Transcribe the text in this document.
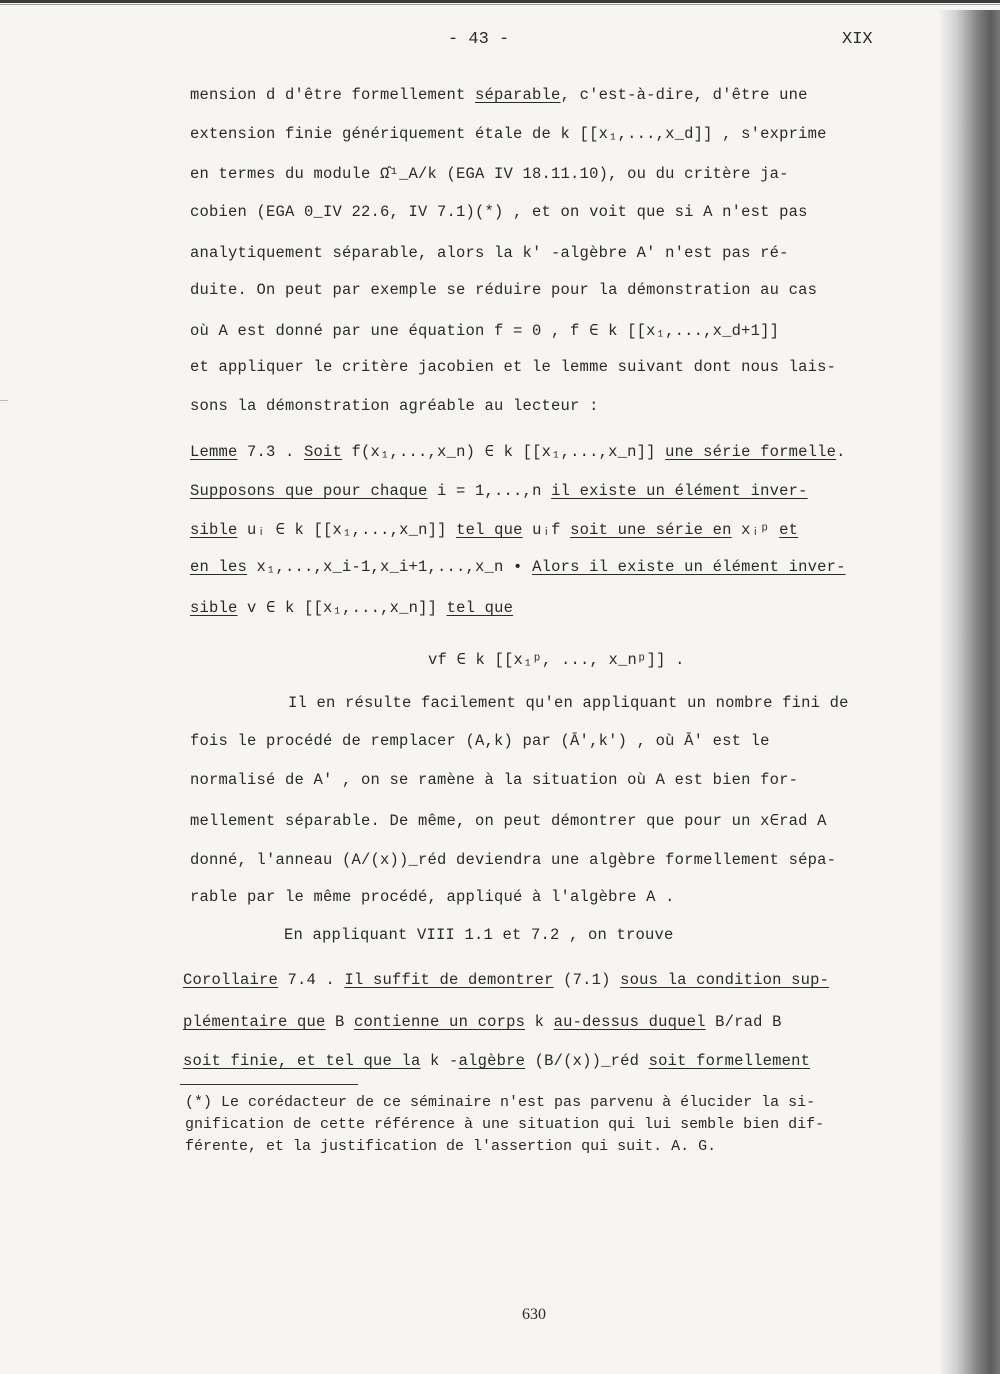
- 43 -	XIX
mension d d'être formellement séparable, c'est-à-dire, d'être une
extension finie génériquement étale de k [[x₁,...,x_d]] , s'exprime
en termes du module Ω̂¹_A/k (EGA IV 18.11.10), ou du critère ja-
cobien (EGA 0_IV 22.6, IV 7.1)(*) , et on voit que si A n'est pas
analytiquement séparable, alors la k' -algèbre A' n'est pas ré-
duite. On peut par exemple se réduire pour la démonstration au cas
où A est donné par une équation f = 0 , f ∈ k [[x₁,...,x_d+1]]
et appliquer le critère jacobien et le lemme suivant dont nous lais-
sons la démonstration agréable au lecteur :
Lemme 7.3 . Soit f(x₁,...,x_n) ∈ k [[x₁,...,x_n]] une série formelle.
Supposons que pour chaque i = 1,...,n il existe un élément inver-
sible uᵢ ∈ k [[x₁,...,x_n]] tel que uᵢf soit une série en xᵢᵖ et
en les x₁,...,x_i-1,x_i+1,...,x_n • Alors il existe un élément inver-
sible v ∈ k [[x₁,...,x_n]] tel que
vf ∈ k [[x₁ᵖ, ..., x_nᵖ]] .
Il en résulte facilement qu'en appliquant un nombre fini de
fois le procédé de remplacer (A,k) par (Ā',k') , où Ā' est le
normalisé de A' , on se ramène à la situation où A est bien for-
mellement séparable. De même, on peut démontrer que pour un x∈rad A
donné, l'anneau (A/(x))_réd deviendra une algèbre formellement sépa-
rable par le même procédé, appliqué à l'algèbre A .
En appliquant VIII 1.1 et 7.2 , on trouve
Corollaire 7.4 . Il suffit de demontrer (7.1) sous la condition sup-
plémentaire que B contienne un corps k au-dessus duquel B/rad B
soit finie, et tel que la k -algèbre (B/(x))_réd soit formellement
(*) Le corédacteur de ce séminaire n'est pas parvenu à élucider la si-
gnification de cette référence à une situation qui lui semble bien dif-
férente, et la justification de l'assertion qui suit. A. G.
630
